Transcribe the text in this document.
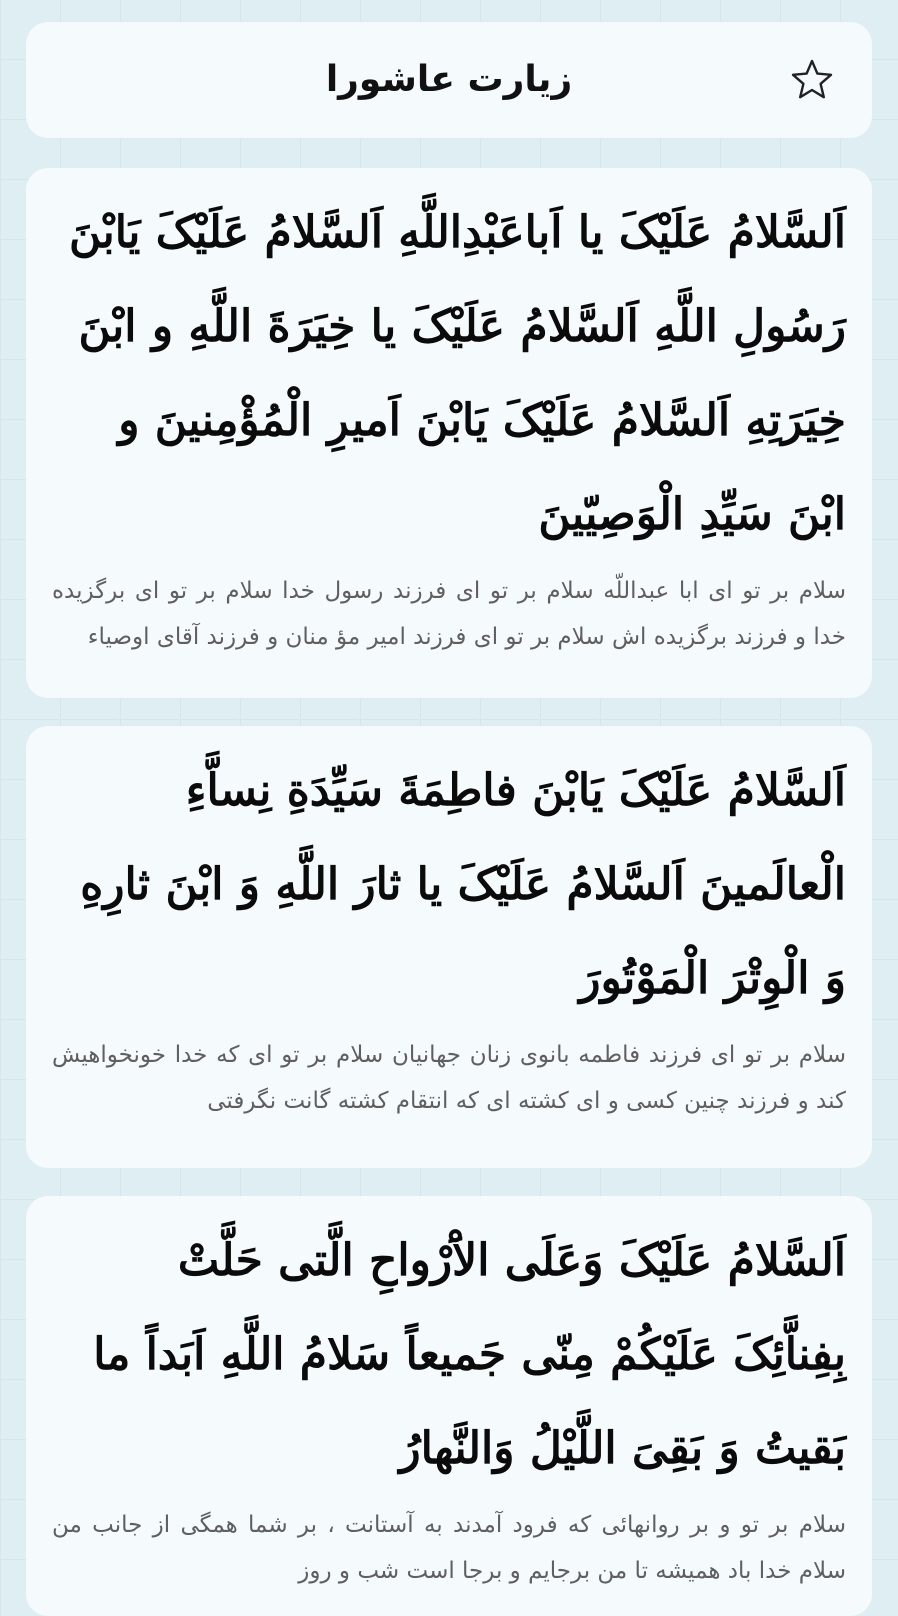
زیارت عاشورا

اَلسَّلامُ عَلَيْکَ يا اَباعَبْدِاللَّهِ اَلسَّلامُ عَلَيْکَ يَابْنَ رَسُولِ اللَّهِ اَلسَّلامُ عَلَيْکَ يا خِيَرَةَ اللَّهِ و ابْنَ خِيَرَتِهِ اَلسَّلامُ عَلَيْکَ يَابْنَ اَميرِ الْمُؤْمِنينَ و ابْنَ سَيِّدِ الْوَصِيّينَ

سلام بر تو ای ابا عبداللّه سلام بر تو ای فرزند رسول خدا سلام بر تو ای برگزیده خدا و فرزند برگزیده اش سلام بر تو ای فرزند امیر مؤ منان و فرزند آقای اوصیاء

اَلسَّلامُ عَلَيْکَ يَابْنَ فاطِمَةَ سَيِّدَةِ نِساَّءِ الْعالَمينَ اَلسَّلامُ عَلَيْکَ يا ثارَ اللَّهِ وَ ابْنَ ثارِهِ وَ الْوِتْرَ الْمَوْتُورَ

سلام بر تو ای فرزند فاطمه بانوی زنان جهانیان سلام بر تو ای که خدا خونخواهیش کند و فرزند چنین کسی و ای کشته ای که انتقام کشته گانت نگرفتی

اَلسَّلامُ عَلَيْکَ وَعَلَى الاَْرْواحِ الَّتى حَلَّتْ بِفِناَّئِکَ عَلَيْکُمْ مِنّى جَميعاً سَلامُ اللَّهِ اَبَداً ما بَقيتُ وَ بَقِىَ اللَّيْلُ وَالنَّهارُ

سلام بر تو و بر روانهائی که فرود آمدند به آستانت ، بر شما همگی از جانب من سلام خدا باد همیشه تا من برجایم و برجا است شب و روز
